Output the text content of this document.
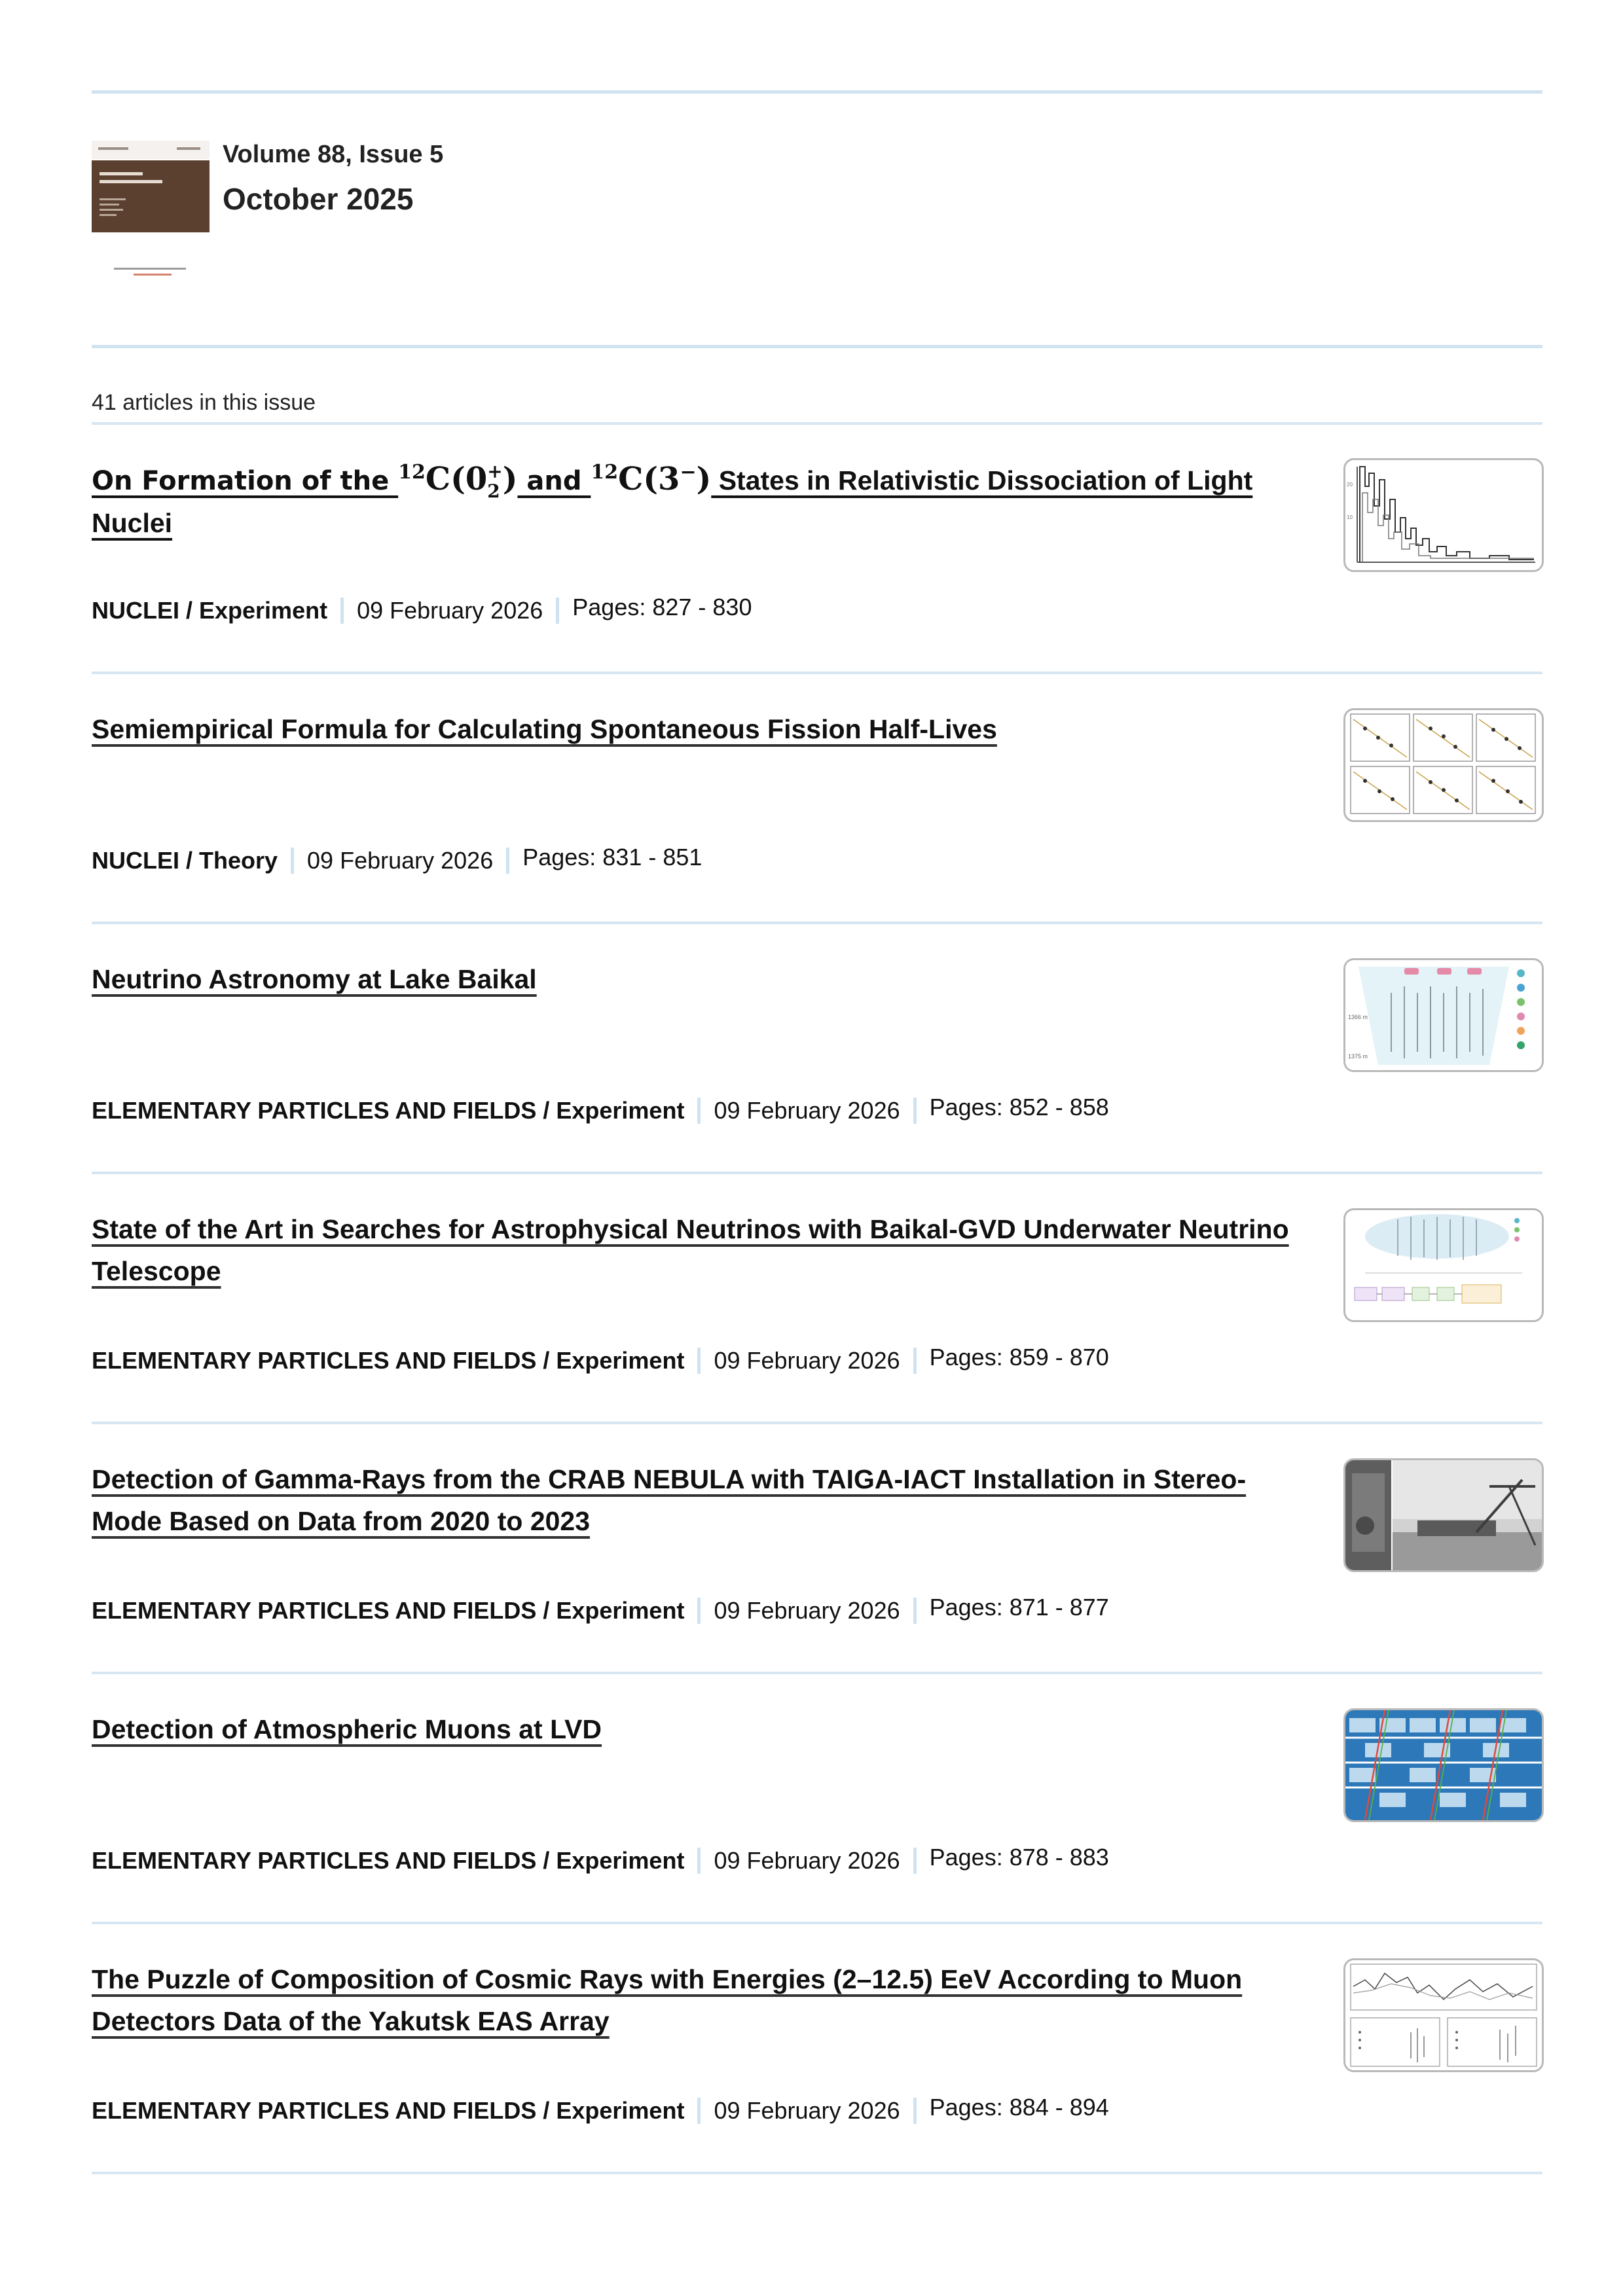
Volume 88, Issue 5
October 2025
41 articles in this issue
On Formation of the $^{12}$C(0+
2) and $^{12}$C(3−) States in Relativistic Dissociation of Light Nuclei
NUCLEI / Experiment 09 February 2026 Pages: 827 - 830
20
10
Semiempirical Formula for Calculating Spontaneous Fission Half-Lives
NUCLEI / Theory 09 February 2026 Pages: 831 - 851
Neutrino Astronomy at Lake Baikal
ELEMENTARY PARTICLES AND FIELDS / Experiment 09 February 2026 Pages: 852 - 858
1366 m
1375 m
State of the Art in Searches for Astrophysical Neutrinos with Baikal-GVD Underwater Neutrino Telescope
ELEMENTARY PARTICLES AND FIELDS / Experiment 09 February 2026 Pages: 859 - 870
Detection of Gamma-Rays from the CRAB NEBULA with TAIGA-IACT Installation in Stereo-Mode Based on Data from 2020 to 2023
ELEMENTARY PARTICLES AND FIELDS / Experiment 09 February 2026 Pages: 871 - 877
Detection of Atmospheric Muons at LVD
ELEMENTARY PARTICLES AND FIELDS / Experiment 09 February 2026 Pages: 878 - 883
The Puzzle of Composition of Cosmic Rays with Energies (2–12.5) EeV According to Muon Detectors Data of the Yakutsk EAS Array
ELEMENTARY PARTICLES AND FIELDS / Experiment 09 February 2026 Pages: 884 - 894
